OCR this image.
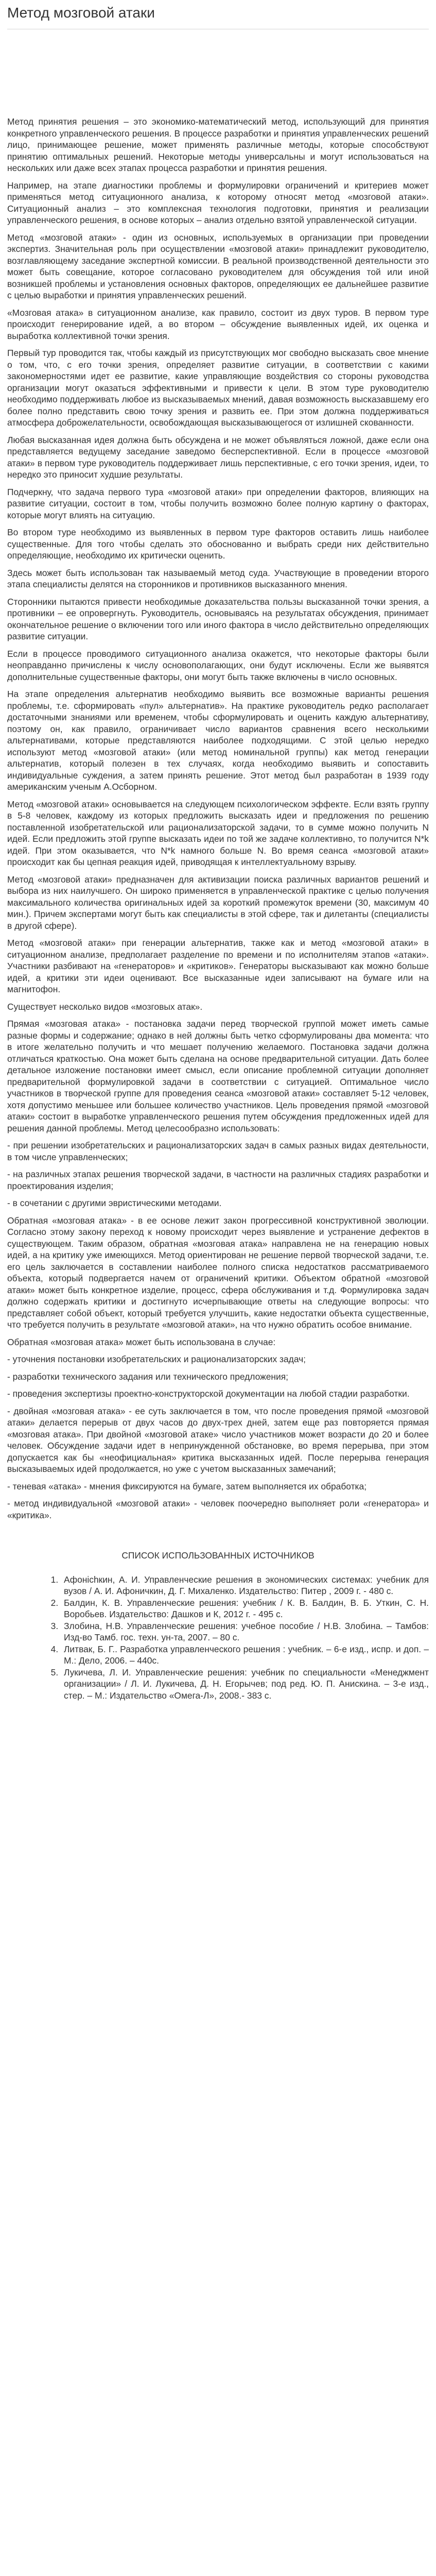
Метод мозговой атаки

Метод принятия решения – это экономико-математический метод, использующий для принятия конкретного управленческого решения. В процессе разработки и принятия управленческих решений лицо, принимающее решение, может применять различные методы, которые способствуют принятию оптимальных решений. Некоторые методы универсальны и могут использоваться на нескольких или даже всех этапах процесса разработки и принятия решения.

Например, на этапе диагностики проблемы и формулировки ограничений и критериев может применяться метод ситуационного анализа, к которому относят метод «мозговой атаки». Ситуационный анализ – это комплексная технология подготовки, принятия и реализации управленческого решения, в основе которых – анализ отдельно взятой управленческой ситуации.

Метод «мозговой атаки» - один из основных, используемых в организации при проведении экспертиз. Значительная роль при осуществлении «мозговой атаки» принадлежит руководителю, возглавляющему заседание экспертной комиссии. В реальной производственной деятельности это может быть совещание, которое согласовано руководителем для обсуждения той или иной возникшей проблемы и установления основных факторов, определяющих ее дальнейшее развитие с целью выработки и принятия управленческих решений.

«Мозговая атака» в ситуационном анализе, как правило, состоит из двух туров. В первом туре происходит генерирование идей, а во втором – обсуждение выявленных идей, их оценка и выработка коллективной точки зрения.

Первый тур проводится так, чтобы каждый из присутствующих мог свободно высказать свое мнение о том, что, с его точки зрения, определяет развитие ситуации, в соответствии с какими закономерностями идет ее развитие, какие управляющие воздействия со стороны руководства организации могут оказаться эффективными и привести к цели. В этом туре руководителю необходимо поддерживать любое из высказываемых мнений, давая возможность высказавшему его более полно представить свою точку зрения и развить ее. При этом должна поддерживаться атмосфера доброжелательности, освобождающая высказывающегося от излишней скованности.

Любая высказанная идея должна быть обсуждена и не может объявляться ложной, даже если она представляется ведущему заседание заведомо бесперспективной. Если в процессе «мозговой атаки» в первом туре руководитель поддерживает лишь перспективные, с его точки зрения, идеи, то нередко это приносит худшие результаты.

Подчеркну, что задача первого тура «мозговой атаки» при определении факторов, влияющих на развитие ситуации, состоит в том, чтобы получить возможно более полную картину о факторах, которые могут влиять на ситуацию.

Во втором туре необходимо из выявленных в первом туре факторов оставить лишь наиболее существенные. Для того чтобы сделать это обоснованно и выбрать среди них действительно определяющие, необходимо их критически оценить.

Здесь может быть использован так называемый метод суда. Участвующие в проведении второго этапа специалисты делятся на сторонников и противников высказанного мнения.

Сторонники пытаются привести необходимые доказательства пользы высказанной точки зрения, а противники – ее опровергнуть. Руководитель, основываясь на результатах обсуждения, принимает окончательное решение о включении того или иного фактора в число действительно определяющих развитие ситуации.

Если в процессе проводимого ситуационного анализа окажется, что некоторые факторы были неоправданно причислены к числу основополагающих, они будут исключены. Если же выявятся дополнительные существенные факторы, они могут быть также включены в число основных.

На этапе определения альтернатив необходимо выявить все возможные варианты решения проблемы, т.е. сформировать «пул» альтернатив». На практике руководитель редко располагает достаточными знаниями или временем, чтобы сформулировать и оценить каждую альтернативу, поэтому он, как правило, ограничивает число вариантов сравнения всего несколькими альтернативами, которые представляются наиболее подходящими. С этой целью нередко используют метод «мозговой атаки» (или метод номинальной группы) как метод генерации альтернатив, который полезен в тех случаях, когда необходимо выявить и сопоставить индивидуальные суждения, а затем принять решение. Этот метод был разработан в 1939 году американским ученым А.Осборном.

Метод «мозговой атаки» основывается на следующем психологическом эффекте. Если взять группу в 5-8 человек, каждому из которых предложить высказать идеи и предложения по решению поставленной изобретательской или рационализаторской задачи, то в сумме можно получить N идей. Если предложить этой группе высказать идеи по той же задаче коллективно, то получится N*k идей. При этом оказывается, что N*k намного больше N. Во время сеанса «мозговой атаки» происходит как бы цепная реакция идей, приводящая к интеллектуальному взрыву.

Метод «мозговой атаки» предназначен для активизации поиска различных вариантов решений и выбора из них наилучшего. Он широко применяется в управленческой практике с целью получения максимального количества оригинальных идей за короткий промежуток времени (30, максимум 40 мин.). Причем экспертами могут быть как специалисты в этой сфере, так и дилетанты (специалисты в другой сфере).

Метод «мозговой атаки» при генерации альтернатив, также как и метод «мозговой атаки» в ситуационном анализе, предполагает разделение по времени и по исполнителям этапов «атаки». Участники разбивают на «генераторов» и «критиков». Генераторы высказывают как можно больше идей, а критики эти идеи оценивают. Все высказанные идеи записывают на бумаге или на магнитофон.

Существует несколько видов «мозговых атак».

Прямая «мозговая атака» - постановка задачи перед творческой группой может иметь самые разные формы и содержание; однако в ней должны быть четко сформулированы два момента: что в итоге желательно получить и что мешает получению желаемого. Постановка задачи должна отличаться краткостью. Она может быть сделана на основе предварительной ситуации. Дать более детальное изложение постановки имеет смысл, если описание проблемной ситуации дополняет предварительной формулировкой задачи в соответствии с ситуацией. Оптимальное число участников в творческой группе для проведения сеанса «мозговой атаки» составляет 5-12 человек, хотя допустимо меньшее или большее количество участников. Цель проведения прямой «мозговой атаки» состоит в выработке управленческого решения путем обсуждения предложенных идей для решения данной проблемы. Метод целесообразно использовать:

- при решении изобретательских и рационализаторских задач в самых разных видах деятельности, в том числе управленческих;

- на различных этапах решения творческой задачи, в частности на различных стадиях разработки и проектирования изделия;

- в сочетании с другими эвристическими методами.

Обратная «мозговая атака» - в ее основе лежит закон прогрессивной конструктивной эволюции. Согласно этому закону переход к новому происходит через выявление и устранение дефектов в существующем. Таким образом, обратная «мозговая атака» направлена не на генерацию новых идей, а на критику уже имеющихся. Метод ориентирован не решение первой творческой задачи, т.е. его цель заключается в составлении наиболее полного списка недостатков рассматриваемого объекта, который подвергается начем от ограничений критики. Объектом обратной «мозговой атаки» может быть конкретное изделие, процесс, сфера обслуживания и т.д. Формулировка задач должно содержать критики и достигнуто исчерпывающие ответы на следующие вопросы: что представляет собой объект, который требуется улучшить, какие недостатки объекта существенные, что требуется получить в результате «мозговой атаки», на что нужно обратить особое внимание.

Обратная «мозговая атака» может быть использована в случае:

- уточнения постановки изобретательских и рационализаторских задач;

- разработки технического задания или технического предложения;

- проведения экспертизы проектно-конструкторской документации на любой стадии разработки.

- двойная «мозговая атака» - ее суть заключается в том, что после проведения прямой «мозговой атаки» делается перерыв от двух часов до двух-трех дней, затем еще раз повторяется прямая «мозговая атака». При двойной «мозговой атаке» число участников может возрасти до 20 и более человек. Обсуждение задачи идет в непринужденной обстановке, во время перерыва, при этом допускается как бы «неофициальная» критика высказанных идей. После перерыва генерация высказываемых идей продолжается, но уже с учетом высказанных замечаний;

- теневая «атака» - мнения фиксируются на бумаге, затем выполняется их обработка;

- метод индивидуальной «мозговой атаки» - человек поочередно выполняет роли «генератора» и «критика».

СПИСОК ИСПОЛЬЗОВАННЫХ ИСТОЧНИКОВ
1. Афонichкин, А. И. Управленческие решения в экономических системах: учебник для вузов / А. И. Афоничкин, Д. Г. Михаленко. Издательство: Питер , 2009 г. - 480 с.
2. Балдин, К. В. Управленческие решения: учебник / К. В. Балдин, В. Б. Уткин, С. Н. Воробьев. Издательство: Дашков и К, 2012 г. - 495 с.
3. Злобина, Н.В. Управленческие решения: учебное пособие / Н.В. Злобина. – Тамбов: Изд-во Тамб. гос. техн. ун-та, 2007. – 80 с.
4. Литвак, Б. Г.. Разработка управленческого решения : учебник. – 6-е изд., испр. и доп. –М.: Дело, 2006. – 440с.
5. Лукичева, Л. И. Управленческие решения: учебник по специальности «Менеджмент организации» / Л. И. Лукичева, Д. Н. Егорычев; под ред. Ю. П. Анискина. – 3-е изд., стер. – М.: Издательство «Омега-Л», 2008.- 383 с.
